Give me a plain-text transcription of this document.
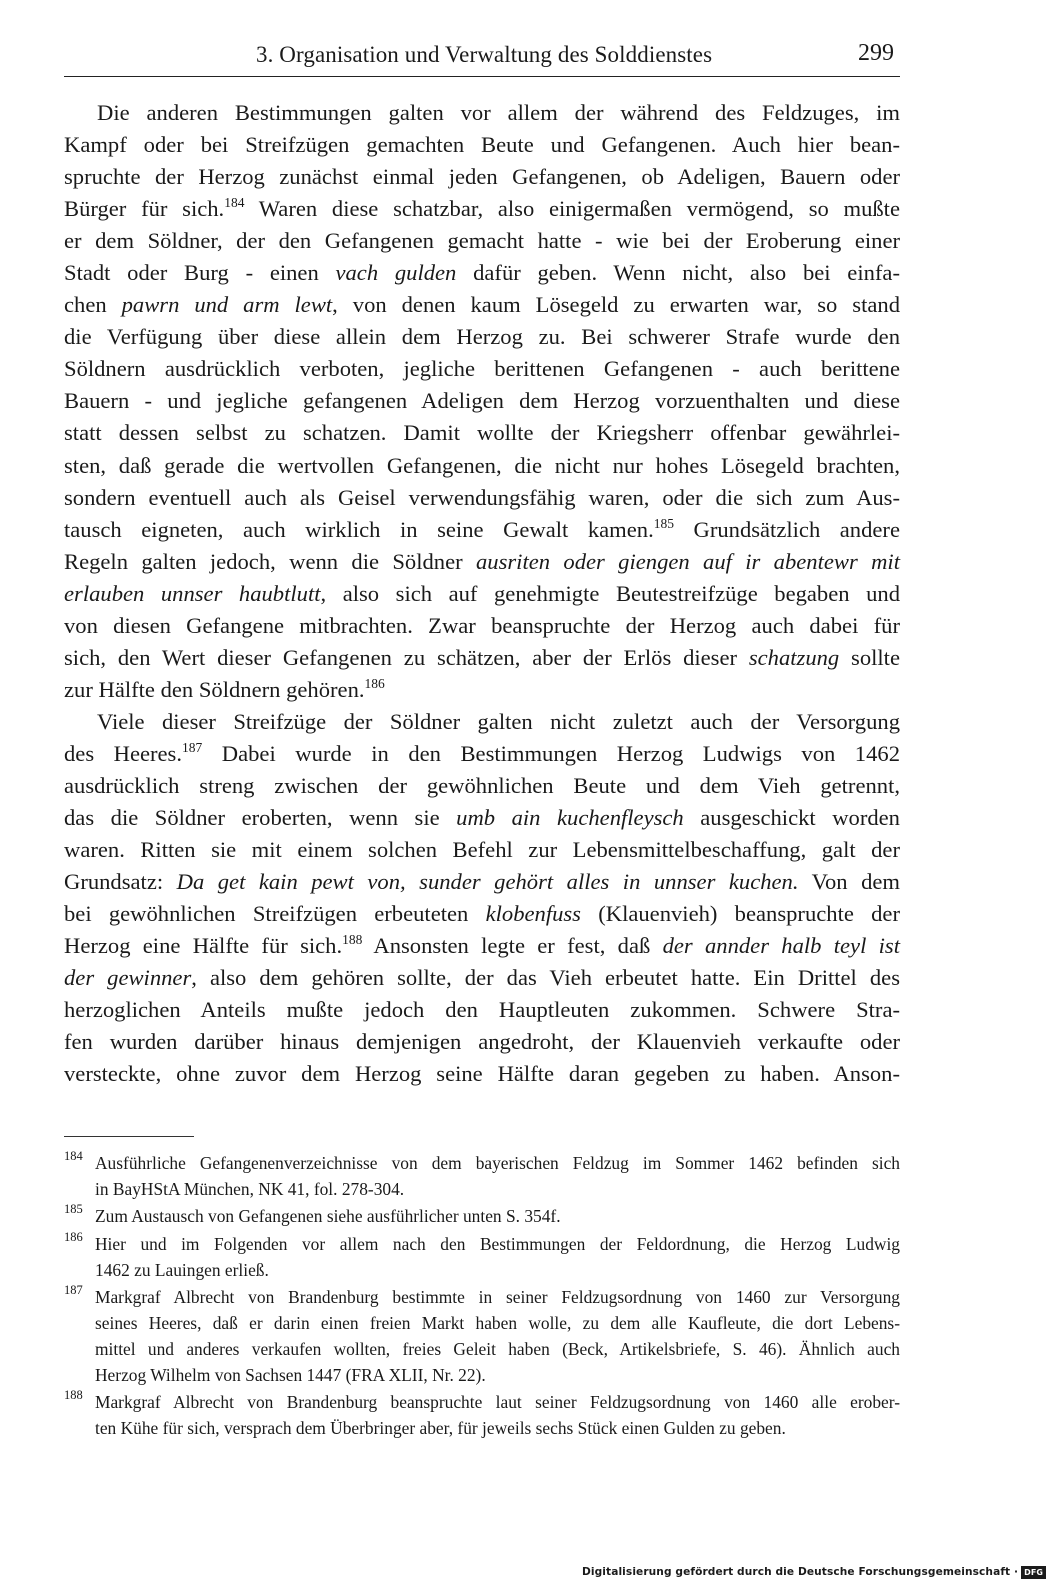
3. Organisation und Verwaltung des Solddienstes	299
Die anderen Bestimmungen galten vor allem der während des Feldzuges, im
Kampf oder bei Streifzügen gemachten Beute und Gefangenen. Auch hier bean-
spruchte der Herzog zunächst einmal jeden Gefangenen, ob Adeligen, Bauern oder
Bürger für sich.$^{184}$ Waren diese schatzbar, also einigermaßen vermögend, so mußte
er dem Söldner, der den Gefangenen gemacht hatte - wie bei der Eroberung einer
Stadt oder Burg - einen vach gulden dafür geben. Wenn nicht, also bei einfa-
chen pawrn und arm lewt, von denen kaum Lösegeld zu erwarten war, so stand
die Verfügung über diese allein dem Herzog zu. Bei schwerer Strafe wurde den
Söldnern ausdrücklich verboten, jegliche berittenen Gefangenen - auch berittene
Bauern - und jegliche gefangenen Adeligen dem Herzog vorzuenthalten und diese
statt dessen selbst zu schatzen. Damit wollte der Kriegsherr offenbar gewährlei-
sten, daß gerade die wertvollen Gefangenen, die nicht nur hohes Lösegeld brachten,
sondern eventuell auch als Geisel verwendungsfähig waren, oder die sich zum Aus-
tausch eigneten, auch wirklich in seine Gewalt kamen.$^{185}$ Grundsätzlich andere
Regeln galten jedoch, wenn die Söldner ausriten oder giengen auf ir abentewr mit
erlauben unnser haubtlutt, also sich auf genehmigte Beutestreifzüge begaben und
von diesen Gefangene mitbrachten. Zwar beanspruchte der Herzog auch dabei für
sich, den Wert dieser Gefangenen zu schätzen, aber der Erlös dieser schatzung sollte
zur Hälfte den Söldnern gehören.$^{186}$
Viele dieser Streifzüge der Söldner galten nicht zuletzt auch der Versorgung
des Heeres.$^{187}$ Dabei wurde in den Bestimmungen Herzog Ludwigs von 1462
ausdrücklich streng zwischen der gewöhnlichen Beute und dem Vieh getrennt,
das die Söldner eroberten, wenn sie umb ain kuchenfleysch ausgeschickt worden
waren. Ritten sie mit einem solchen Befehl zur Lebensmittelbeschaffung, galt der
Grundsatz: Da get kain pewt von, sunder gehört alles in unnser kuchen. Von dem
bei gewöhnlichen Streifzügen erbeuteten klobenfuss (Klauenvieh) beanspruchte der
Herzog eine Hälfte für sich.$^{188}$ Ansonsten legte er fest, daß der annder halb teyl ist
der gewinner, also dem gehören sollte, der das Vieh erbeutet hatte. Ein Drittel des
herzoglichen Anteils mußte jedoch den Hauptleuten zukommen. Schwere Stra-
fen wurden darüber hinaus demjenigen angedroht, der Klauenvieh verkaufte oder
versteckte, ohne zuvor dem Herzog seine Hälfte daran gegeben zu haben. Anson-
184 Ausführliche Gefangenenverzeichnisse von dem bayerischen Feldzug im Sommer 1462 befinden sich
in BayHStA München, NK 41, fol. 278-304.
185 Zum Austausch von Gefangenen siehe ausführlicher unten S. 354f.
186 Hier und im Folgenden vor allem nach den Bestimmungen der Feldordnung, die Herzog Ludwig
1462 zu Lauingen erließ.
187 Markgraf Albrecht von Brandenburg bestimmte in seiner Feldzugsordnung von 1460 zur Versorgung
seines Heeres, daß er darin einen freien Markt haben wolle, zu dem alle Kaufleute, die dort Lebens-
mittel und anderes verkaufen wollten, freies Geleit haben (Beck, Artikelsbriefe, S. 46). Ähnlich auch
Herzog Wilhelm von Sachsen 1447 (FRA XLII, Nr. 22).
188 Markgraf Albrecht von Brandenburg beanspruchte laut seiner Feldzugsordnung von 1460 alle erober-
ten Kühe für sich, versprach dem Überbringer aber, für jeweils sechs Stück einen Gulden zu geben.
Digitalisierung gefördert durch die Deutsche Forschungsgemeinschaft · DFG
